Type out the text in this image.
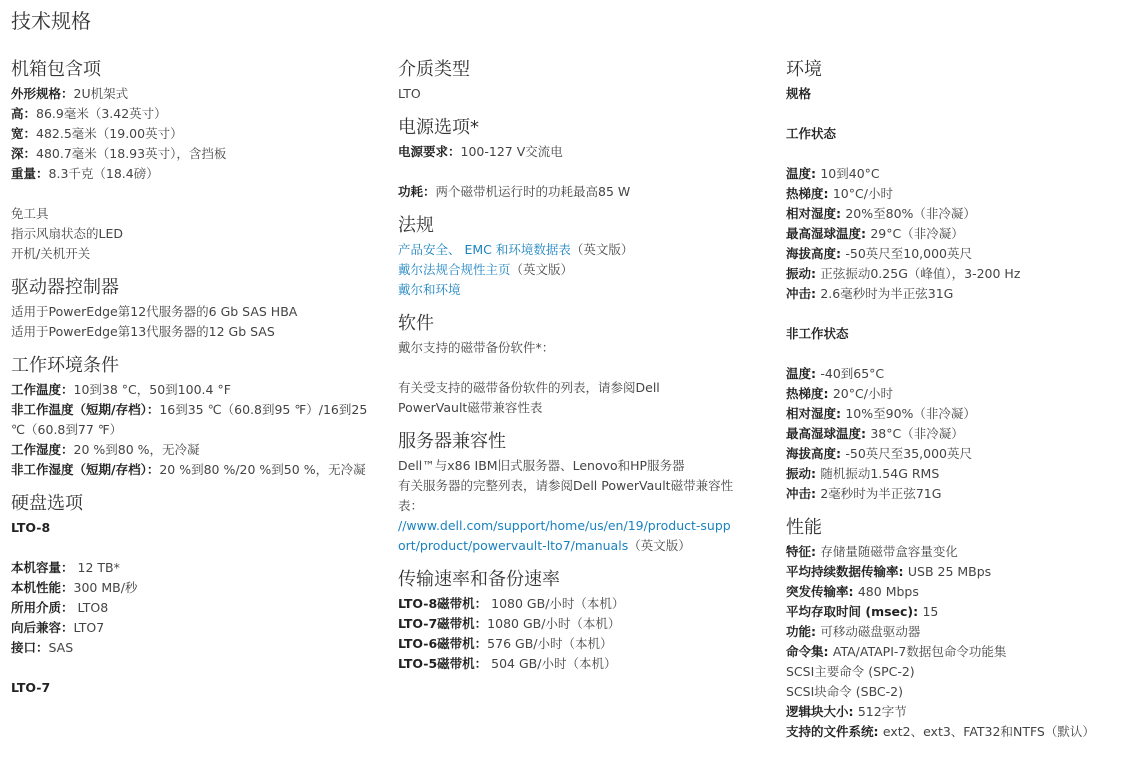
技术规格
机箱包含项
外形规格：2U机架式
高：86.9毫米（3.42英寸）
宽：482.5毫米（19.00英寸）
深：480.7毫米（18.93英寸），含挡板
重量：8.3千克（18.4磅）
免工具
指示风扇状态的LED
开机/关机开关
驱动器控制器
适用于PowerEdge第12代服务器的6 Gb SAS HBA
适用于PowerEdge第13代服务器的12 Gb SAS
工作环境条件
工作温度：10到38 °C，50到100.4 °F
非工作温度（短期/存档）：16到35 ℃（60.8到95 ℉）/16到25 ℃（60.8到77 ℉）
工作湿度：20 %到80 %，无冷凝
非工作湿度（短期/存档）：20 %到80 %/20 %到50 %，无冷凝
硬盘选项
LTO-8
本机容量： 12 TB*
本机性能：300 MB/秒
所用介质： LTO8
向后兼容：LTO7
接口：SAS
LTO-7
介质类型
LTO
电源选项*
电源要求：100-127 V交流电
功耗：两个磁带机运行时的功耗最高85 W
法规
产品安全、 EMC 和环境数据表（英文版）
戴尔法规合规性主页（英文版）
戴尔和环境
软件
戴尔支持的磁带备份软件*：
有关受支持的磁带备份软件的列表，请参阅Dell PowerVault磁带兼容性表
服务器兼容性
Dell™与x86 IBM旧式服务器、Lenovo和HP服务器
有关服务器的完整列表，请参阅Dell PowerVault磁带兼容性表：
//www.dell.com/support/home/us/en/19/product-support/product/powervault-lto7/manuals（英文版）
传输速率和备份速率
LTO-8磁带机： 1080 GB/小时（本机）
LTO-7磁带机：1080 GB/小时（本机）
LTO-6磁带机：576 GB/小时（本机）
LTO-5磁带机： 504 GB/小时（本机）
环境
规格
工作状态
温度: 10到40°C
热梯度: 10°C/小时
相对湿度: 20%至80%（非冷凝）
最高湿球温度: 29°C（非冷凝）
海拔高度: -50英尺至10,000英尺
振动: 正弦振动0.25G（峰值），3-200 Hz
冲击: 2.6毫秒时为半正弦31G
非工作状态
温度: -40到65°C
热梯度: 20°C/小时
相对湿度: 10%至90%（非冷凝）
最高湿球温度: 38°C（非冷凝）
海拔高度: -50英尺至35,000英尺
振动: 随机振动1.54G RMS
冲击: 2毫秒时为半正弦71G
性能
特征: 存储量随磁带盒容量变化
平均持续数据传输率: USB 25 MBps
突发传输率: 480 Mbps
平均存取时间 (msec): 15
功能: 可移动磁盘驱动器
命令集: ATA/ATAPI-7数据包命令功能集
SCSI主要命令 (SPC-2)
SCSI块命令 (SBC-2)
逻辑块大小: 512字节
支持的文件系统: ext2、ext3、FAT32和NTFS（默认）
